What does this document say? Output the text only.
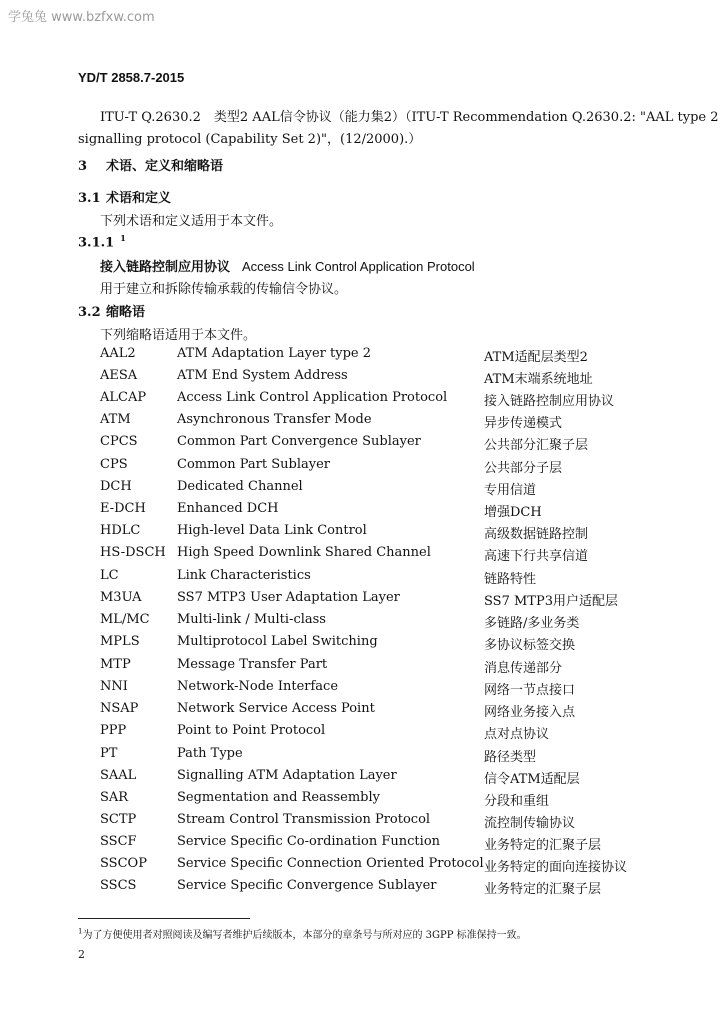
学兔兔 www.bzfxw.com
YD/T 2858.7-2015
ITU-T Q.2630.2　类型2 AAL信令协议（能力集2）（ITU-T Recommendation Q.2630.2: "AAL type 2
signalling protocol (Capability Set 2)"，(12/2000).）
3 术语、定义和缩略语
3.1 术语和定义
下列术语和定义适用于本文件。
3.1.1 $^1$
接入链路控制应用协议 Access Link Control Application Protocol
用于建立和拆除传输承载的传输信令协议。
3.2 缩略语
下列缩略语适用于本文件。
AAL2	ATM Adaptation Layer type 2	ATM适配层类型2
AESA	ATM End System Address	ATM末端系统地址
ALCAP Access Link Control Application Protocol	接入链路控制应用协议
ATM	Asynchronous Transfer Mode	异步传递模式
CPCS	Common Part Convergence Sublayer	公共部分汇聚子层
CPS	Common Part Sublayer	公共部分子层
DCH	Dedicated Channel	专用信道
E-DCH Enhanced DCH	增强DCH
HDLC	High-level Data Link Control	高级数据链路控制
HS-DSCH High Speed Downlink Shared Channel	高速下行共享信道
LC	Link Characteristics	链路特性
M3UA	SS7 MTP3 User Adaptation Layer	SS7 MTP3用户适配层
ML/MC Multi-link / Multi-class	多链路/多业务类
MPLS	Multiprotocol Label Switching	多协议标签交换
MTP	Message Transfer Part	消息传递部分
NNI	Network-Node Interface	网络一节点接口
NSAP	Network Service Access Point	网络业务接入点
PPP	Point to Point Protocol	点对点协议
PT	Path Type	路径类型
SAAL	Signalling ATM Adaptation Layer	信令ATM适配层
SAR	Segmentation and Reassembly	分段和重组
SCTP	Stream Control Transmission Protocol	流控制传输协议
SSCF	Service Specific Co-ordination Function	业务特定的汇聚子层
SSCOP Service Specific Connection Oriented Protocol 业务特定的面向连接协议
SSCS	Service Specific Convergence Sublayer	业务特定的汇聚子层
$^1$为了方便使用者对照阅读及编写者维护后续版本，本部分的章条号与所对应的 3GPP 标准保持一致。
2
